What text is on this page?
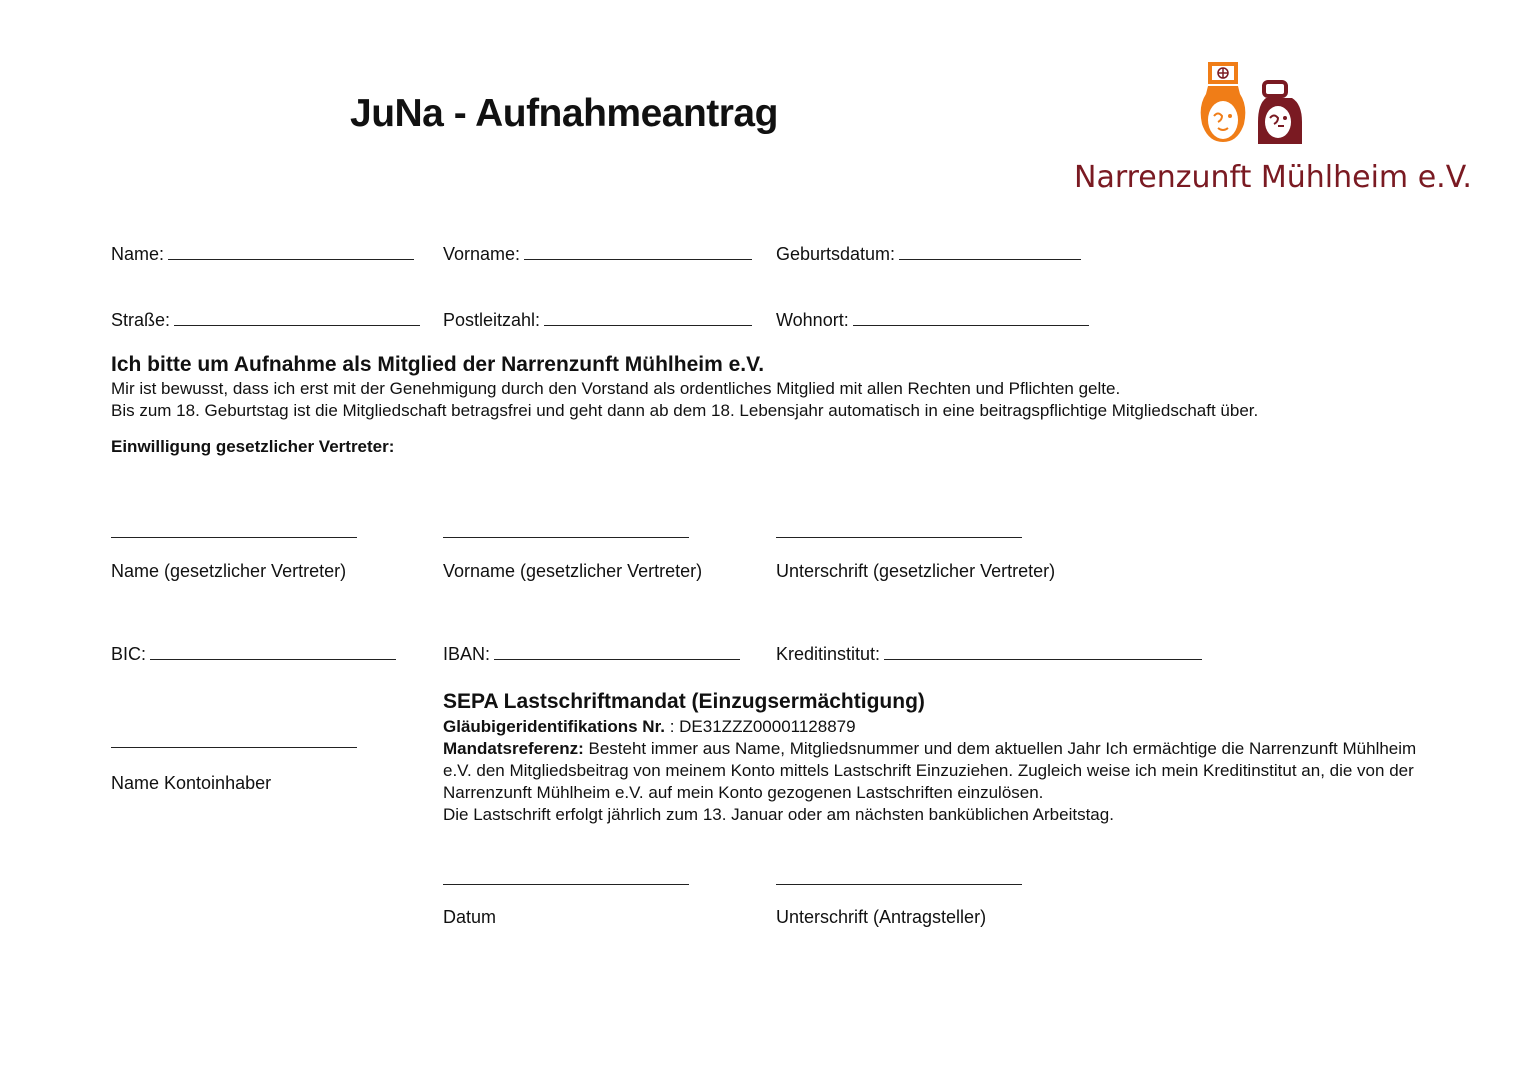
JuNa - Aufnahmeantrag
Narrenzunft Mühlheim e.V.
Name:	Vorname:	Geburtsdatum:
Straße:	Postleitzahl:	Wohnort:
Ich bitte um Aufnahme als Mitglied der Narrenzunft Mühlheim e.V.
Mir ist bewusst, dass ich erst mit der Genehmigung durch den Vorstand als ordentliches Mitglied mit allen Rechten und Pflichten gelte.
Bis zum 18. Geburtstag ist die Mitgliedschaft betragsfrei und geht dann ab dem 18. Lebensjahr automatisch in eine beitragspflichtige Mitgliedschaft über.
Einwilligung gesetzlicher Vertreter:
Name (gesetzlicher Vertreter)	Vorname (gesetzlicher Vertreter)	Unterschrift (gesetzlicher Vertreter)
BIC:	IBAN:	Kreditinstitut:
Name Kontoinhaber
SEPA Lastschriftmandat (Einzugsermächtigung)
Gläubigeridentifikations Nr. : DE31ZZZ00001128879
Mandatsreferenz: Besteht immer aus Name, Mitgliedsnummer und dem aktuellen Jahr Ich ermächtige die Narrenzunft Mühlheim e.V. den Mitgliedsbeitrag von meinem Konto mittels Lastschrift Einzuziehen. Zugleich weise ich mein Kreditinstitut an, die von der Narrenzunft Mühlheim e.V. auf mein Konto gezogenen Lastschriften einzulösen.
Die Lastschrift erfolgt jährlich zum 13. Januar oder am nächsten banküblichen Arbeitstag.
Datum	Unterschrift (Antragsteller)
